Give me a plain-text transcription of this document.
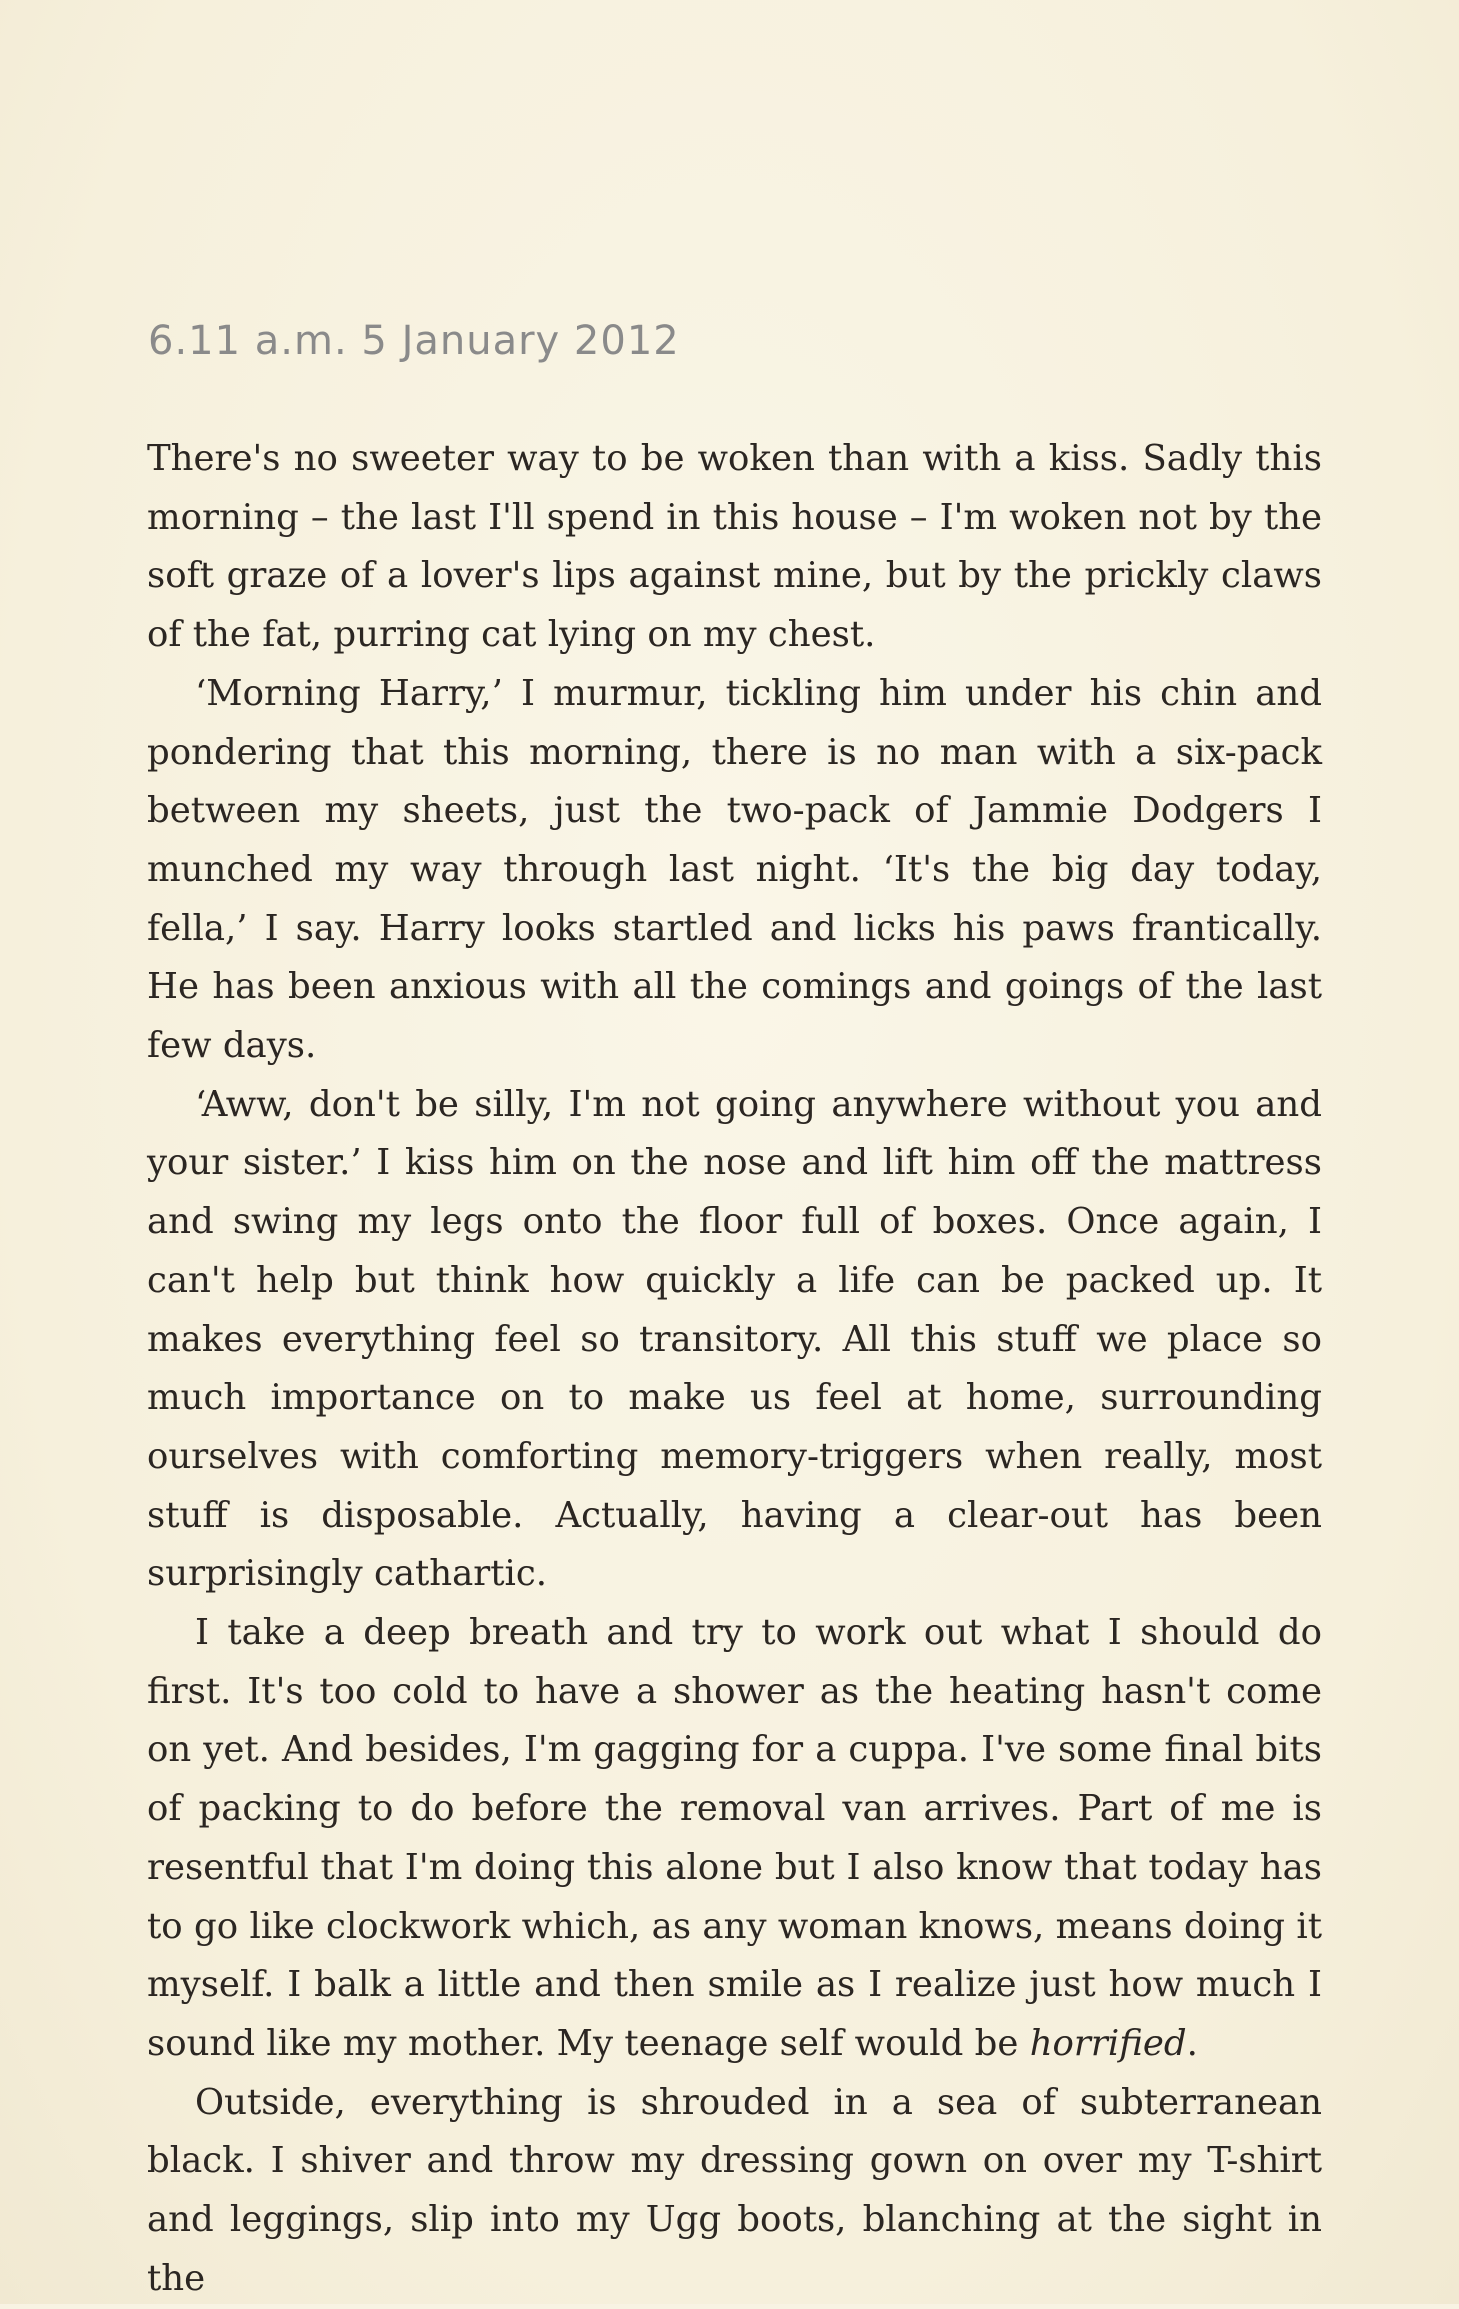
6.11 a.m. 5 January 2012

There's no sweeter way to be woken than with a kiss. Sadly this morning – the last I'll spend in this house – I'm woken not by the soft graze of a lover's lips against mine, but by the prickly claws of the fat, purring cat lying on my chest.

‘Morning Harry,’ I murmur, tickling him under his chin and pondering that this morning, there is no man with a six-pack between my sheets, just the two-pack of Jammie Dodgers I munched my way through last night. ‘It's the big day today, fella,’ I say. Harry looks startled and licks his paws frantically. He has been anxious with all the comings and goings of the last few days.

‘Aww, don't be silly, I'm not going anywhere without you and your sister.’ I kiss him on the nose and lift him off the mattress and swing my legs onto the floor full of boxes. Once again, I can't help but think how quickly a life can be packed up. It makes everything feel so transitory. All this stuff we place so much importance on to make us feel at home, surrounding ourselves with comforting memory-triggers when really, most stuff is disposable. Actually, having a clear-out has been surprisingly cathartic.

I take a deep breath and try to work out what I should do first. It's too cold to have a shower as the heating hasn't come on yet. And besides, I'm gagging for a cuppa. I've some final bits of packing to do before the removal van arrives. Part of me is resentful that I'm doing this alone but I also know that today has to go like clockwork which, as any woman knows, means doing it myself. I balk a little and then smile as I realize just how much I sound like my mother. My teenage self would be horrified.

Outside, everything is shrouded in a sea of subterranean black. I shiver and throw my dressing gown on over my T-shirt and leggings, slip into my Ugg boots, blanching at the sight in the
